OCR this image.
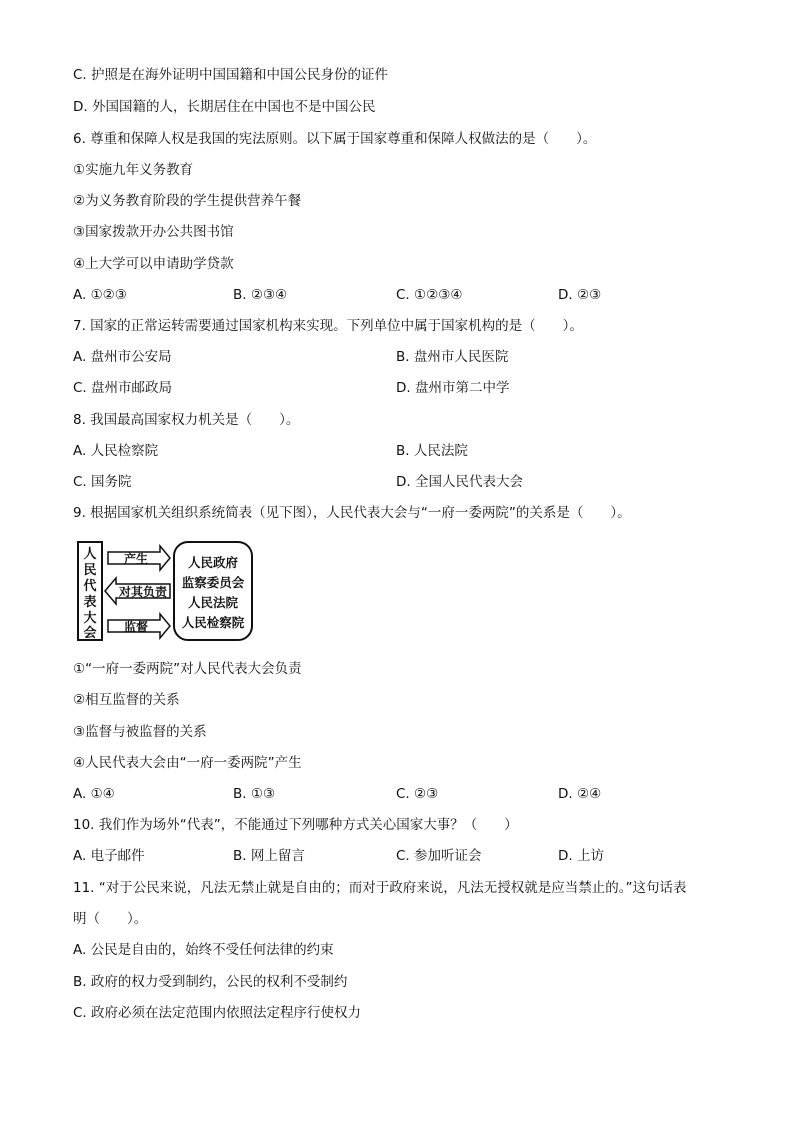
C. 护照是在海外证明中国国籍和中国公民身份的证件
D. 外国国籍的人，长期居住在中国也不是中国公民
6. 尊重和保障人权是我国的宪法原则。以下属于国家尊重和保障人权做法的是（　　）。
①实施九年义务教育
②为义务教育阶段的学生提供营养午餐
③国家拨款开办公共图书馆
④上大学可以申请助学贷款
A. ①②③	B. ②③④	C. ①②③④	D. ②③
7. 国家的正常运转需要通过国家机构来实现。下列单位中属于国家机构的是（　　）。
A. 盘州市公安局	B. 盘州市人民医院
C. 盘州市邮政局	D. 盘州市第二中学
8. 我国最高国家权力机关是（　　）。
A. 人民检察院	B. 人民法院
C. 国务院	D. 全国人民代表大会
9. 根据国家机关组织系统简表（见下图），人民代表大会与“一府一委两院”的关系是（　　）。
人
民
代
表
大
会
产生
对其负责
监督
人民政府
监察委员会
人民法院
人民检察院
①“一府一委两院”对人民代表大会负责
②相互监督的关系
③监督与被监督的关系
④人民代表大会由“一府一委两院”产生
A. ①④	B. ①③	C. ②③	D. ②④
10. 我们作为场外“代表”，不能通过下列哪种方式关心国家大事？（　　）
A. 电子邮件	B. 网上留言	C. 参加听证会	D. 上访
11. “对于公民来说，凡法无禁止就是自由的；而对于政府来说，凡法无授权就是应当禁止的。”这句话表
明（　　）。
A. 公民是自由的，始终不受任何法律的约束
B. 政府的权力受到制约，公民的权利不受制约
C. 政府必须在法定范围内依照法定程序行使权力
